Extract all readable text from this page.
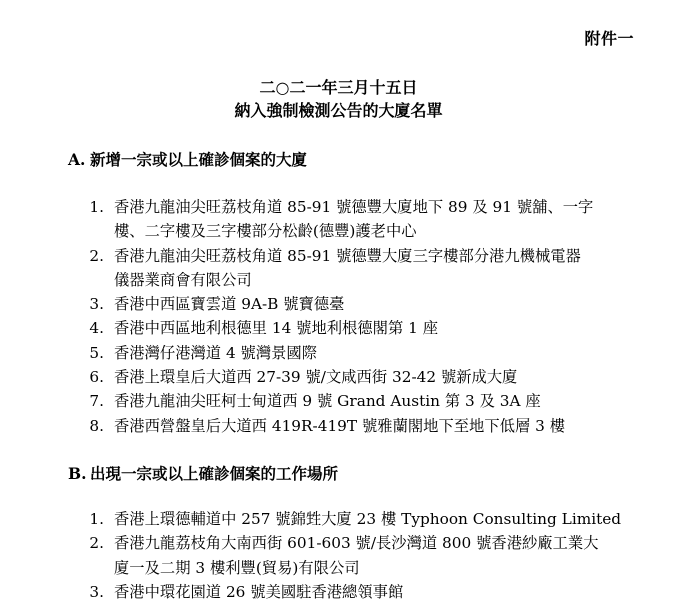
附件一
二○二一年三月十五日
納入強制檢測公告的大廈名單
A. 新增一宗或以上確診個案的大廈
1. 香港九龍油尖旺荔枝角道 85-91 號德豐大廈地下 89 及 91 號舖、一字
樓、二字樓及三字樓部分松齡(德豐)護老中心
2. 香港九龍油尖旺荔枝角道 85-91 號德豐大廈三字樓部分港九機械電器
儀器業商會有限公司
3. 香港中西區寶雲道 9A-B 號寶德臺
4. 香港中西區地利根德里 14 號地利根德閣第 1 座
5. 香港灣仔港灣道 4 號灣景國際
6. 香港上環皇后大道西 27-39 號/文咸西街 32-42 號新成大廈
7. 香港九龍油尖旺柯士甸道西 9 號 Grand Austin 第 3 及 3A 座
8. 香港西營盤皇后大道西 419R-419T 號雅蘭閣地下至地下低層 3 樓
B. 出現一宗或以上確診個案的工作場所
1. 香港上環德輔道中 257 號錦甡大廈 23 樓 Typhoon Consulting Limited
2. 香港九龍荔枝角大南西街 601-603 號/長沙灣道 800 號香港紗廠工業大
廈一及二期 3 樓利豐(貿易)有限公司
3. 香港中環花園道 26 號美國駐香港總領事館
